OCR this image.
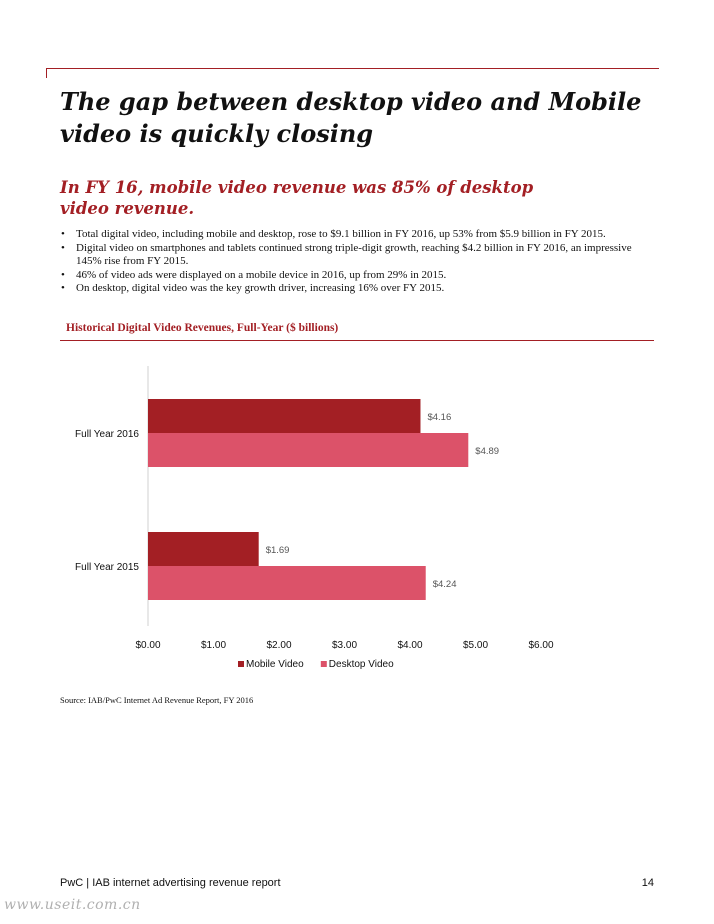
The gap between desktop video and Mobile video is quickly closing
In FY 16, mobile video revenue was 85% of desktop video revenue.
• Total digital video, including mobile and desktop, rose to $9.1 billion in FY 2016, up 53% from $5.9 billion in FY 2015.
• Digital video on smartphones and tablets continued strong triple-digit growth, reaching $4.2 billion in FY 2016, an impressive 145% rise from FY 2015.
• 46% of video ads were displayed on a mobile device in 2016, up from 29% in 2015.
• On desktop, digital video was the key growth driver, increasing 16% over FY 2015.

Historical Digital Video Revenues, Full-Year ($ billions)

Full Year 2016
$4.16
$4.89
Full Year 2015
$1.69
$4.24
$0.00	$1.00	$2.00	$3.00	$4.00	$5.00	$6.00
Mobile Video	Desktop Video

Source: IAB/PwC Internet Ad Revenue Report, FY 2016

PwC | IAB internet advertising revenue report	14

www.useit.com.cn
